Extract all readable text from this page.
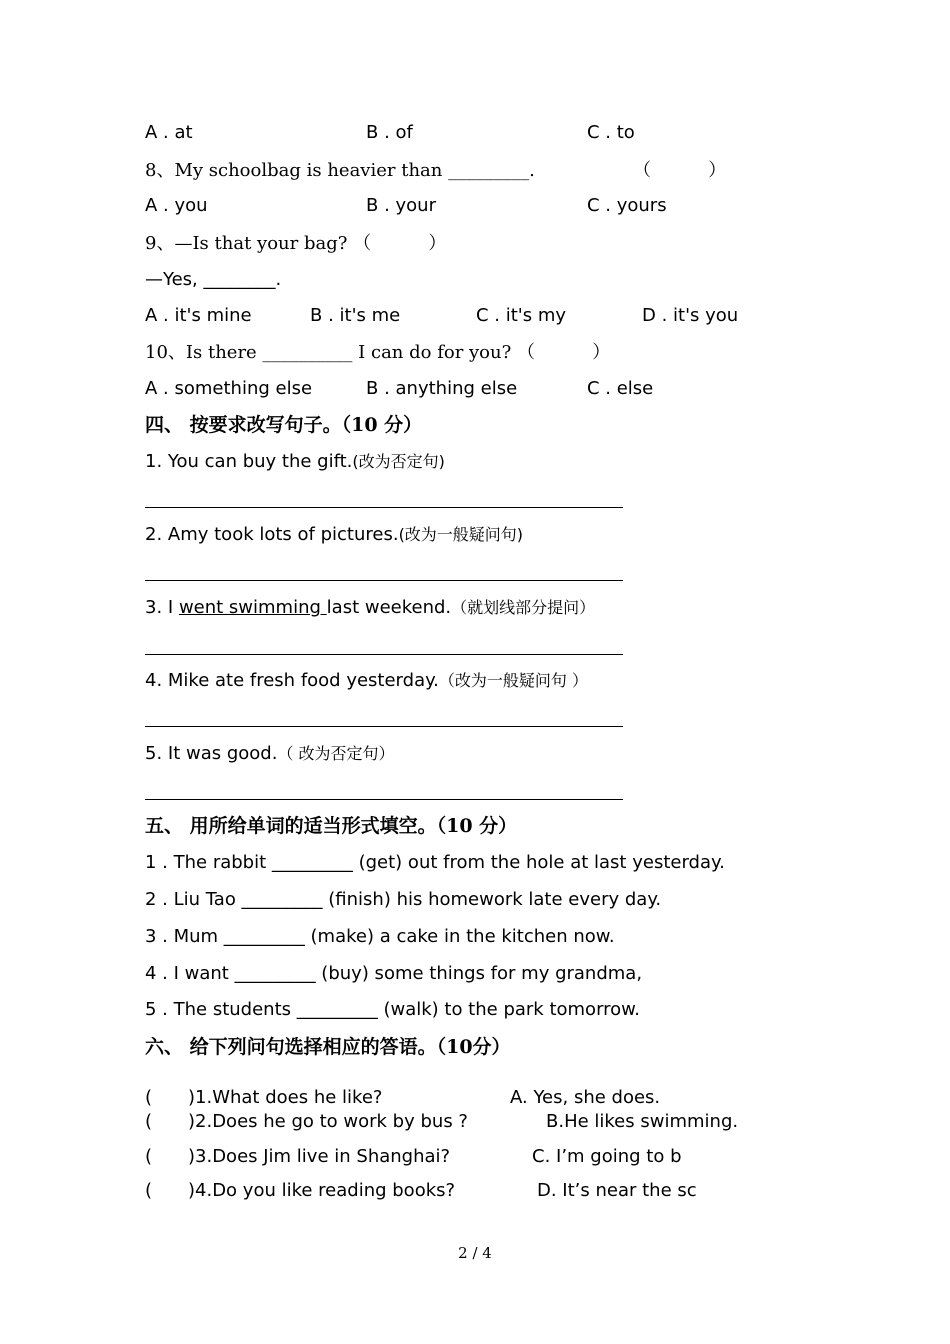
A . at	B . of	C . to
8、My schoolbag is heavier than _________.	（          ）
A . you	B . your	C . yours
9、—Is that your bag? （          ）
—Yes, ________.
A . it's mine	B . it's me	C . it's my	D . it's you
10、Is there __________ I can do for you? （          ）
A . something else	B . anything else	C . else
四、 按要求改写句子。（10 分）
1. You can buy the gift.(改为否定句)
2. Amy took lots of pictures.(改为一般疑问句)
3. I went swimming last weekend.（就划线部分提问）
4. Mike ate fresh food yesterday.（改为一般疑问句 ）
5. It was good.（ 改为否定句）
五、 用所给单词的适当形式填空。（10 分）
1 . The rabbit _________ (get) out from the hole at last yesterday.
2 . Liu Tao _________ (finish) his homework late every day.
3 . Mum _________ (make) a cake in the kitchen now.
4 . I want _________ (buy) some things for my grandma,
5 . The students _________ (walk) to the park tomorrow.
六、 给下列问句选择相应的答语。（10分）
( )1.What does he like?	A. Yes, she does.
( )2.Does he go to work by bus ?	B.He likes swimming.
( )3.Does Jim live in Shanghai?	C. I’m going to b
( )4.Do you like reading books?	D. It’s near the sc
2 / 4
